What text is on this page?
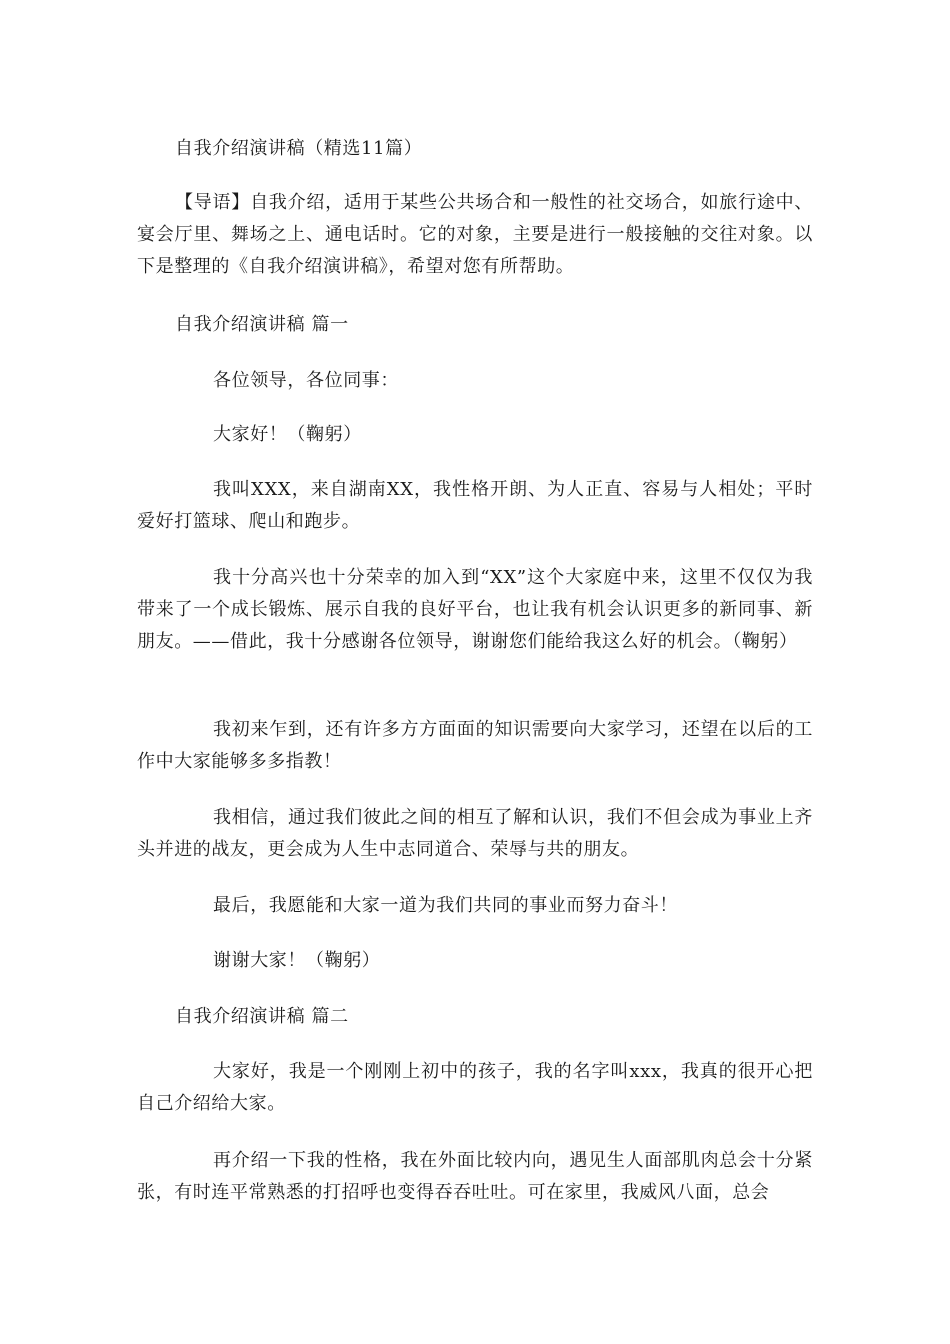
自我介绍演讲稿（精选11篇）

【导语】自我介绍，适用于某些公共场合和一般性的社交场合，如旅行途中、宴会厅里、舞场之上、通电话时。它的对象，主要是进行一般接触的交往对象。以下是整理的《自我介绍演讲稿》，希望对您有所帮助。

自我介绍演讲稿 篇一

各位领导，各位同事：

大家好！（鞠躬）

我叫XXX，来自湖南XX，我性格开朗、为人正直、容易与人相处；平时爱好打篮球、爬山和跑步。

我十分高兴也十分荣幸的加入到“XX”这个大家庭中来，这里不仅仅为我带来了一个成长锻炼、展示自我的良好平台，也让我有机会认识更多的新同事、新朋友。——借此，我十分感谢各位领导，谢谢您们能给我这么好的机会。（鞠躬）

我初来乍到，还有许多方方面面的知识需要向大家学习，还望在以后的工作中大家能够多多指教！

我相信，通过我们彼此之间的相互了解和认识，我们不但会成为事业上齐头并进的战友，更会成为人生中志同道合、荣辱与共的朋友。

最后，我愿能和大家一道为我们共同的事业而努力奋斗！

谢谢大家！（鞠躬）

自我介绍演讲稿 篇二

大家好，我是一个刚刚上初中的孩子，我的名字叫xxx，我真的很开心把自己介绍给大家。

再介绍一下我的性格，我在外面比较内向，遇见生人面部肌肉总会十分紧张，有时连平常熟悉的打招呼也变得吞吞吐吐。可在家里，我威风八面，总会
